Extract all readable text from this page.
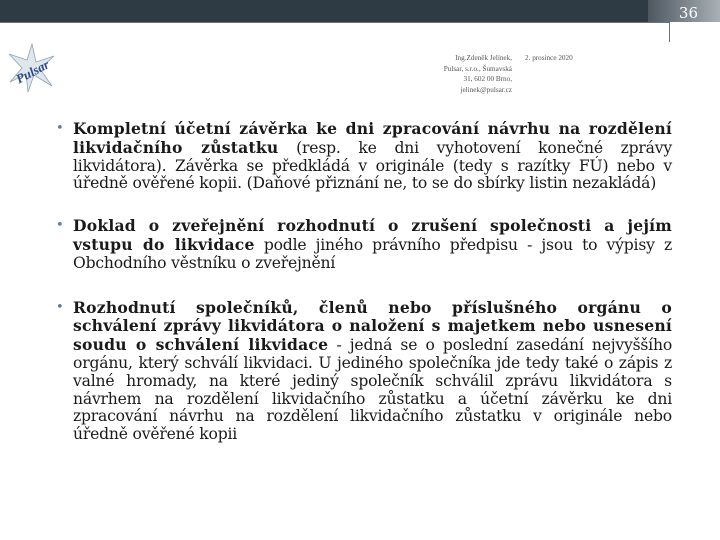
36
Pulsar	Ing.Zdeněk Jelínek,
Pulsar, s.r.o., Šumavská
31, 602 00 Brno,
jelinek@pulsar.cz
2. prosince 2020
• Kompletní účetní závěrka ke dni zpracování návrhu na rozdělení likvidačního zůstatku (resp. ke dni vyhotovení konečné zprávy likvidátora). Závěrka se předkládá v originále (tedy s razítky FÚ) nebo v úředně ověřené kopii. (Daňové přiznání ne, to se do sbírky listin nezakládá)
• Doklad o zveřejnění rozhodnutí o zrušení společnosti a jejím vstupu do likvidace podle jiného právního předpisu - jsou to výpisy z Obchodního věstníku o zveřejnění
• Rozhodnutí společníků, členů nebo příslušného orgánu o schválení zprávy likvidátora o naložení s majetkem nebo usnesení soudu o schválení likvidace - jedná se o poslední zasedání nejvyššího orgánu, který schválí likvidaci. U jediného společníka jde tedy také o zápis z valné hromady, na které jediný společník schválil zprávu likvidátora s návrhem na rozdělení likvidačního zůstatku a účetní závěrku ke dni zpracování návrhu na rozdělení likvidačního zůstatku v originále nebo úředně ověřené kopii
